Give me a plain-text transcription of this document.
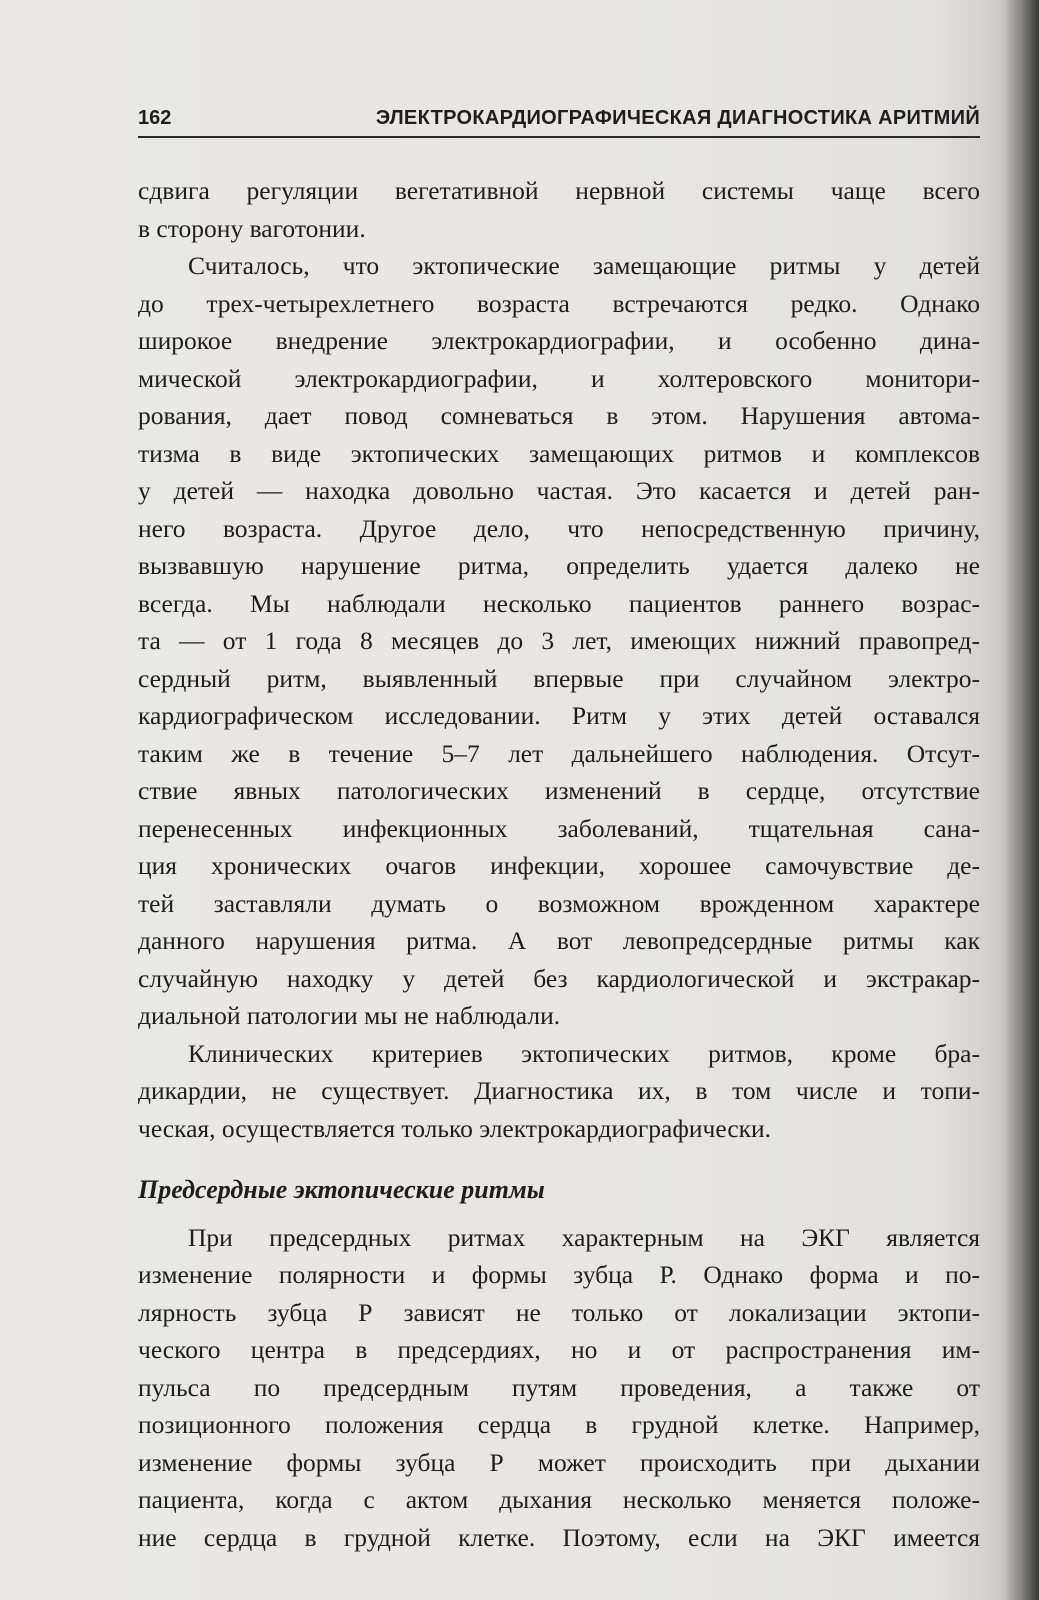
162	ЭЛЕКТРОКАРДИОГРАФИЧЕСКАЯ ДИАГНОСТИКА АРИТМИЙ
сдвига регуляции вегетативной нервной системы чаще всего
в сторону ваготонии.
Считалось, что эктопические замещающие ритмы у детей
до трех-четырехлетнего возраста встречаются редко. Однако
широкое внедрение электрокардиографии, и особенно дина-
мической электрокардиографии, и холтеровского монитори-
рования, дает повод сомневаться в этом. Нарушения автома-
тизма в виде эктопических замещающих ритмов и комплексов
у детей — находка довольно частая. Это касается и детей ран-
него возраста. Другое дело, что непосредственную причину,
вызвавшую нарушение ритма, определить удается далеко не
всегда. Мы наблюдали несколько пациентов раннего возрас-
та — от 1 года 8 месяцев до 3 лет, имеющих нижний правопред-
сердный ритм, выявленный впервые при случайном электро-
кардиографическом исследовании. Ритм у этих детей оставался
таким же в течение 5–7 лет дальнейшего наблюдения. Отсут-
ствие явных патологических изменений в сердце, отсутствие
перенесенных инфекционных заболеваний, тщательная сана-
ция хронических очагов инфекции, хорошее самочувствие де-
тей заставляли думать о возможном врожденном характере
данного нарушения ритма. А вот левопредсердные ритмы как
случайную находку у детей без кардиологической и экстракар-
диальной патологии мы не наблюдали.
Клинических критериев эктопических ритмов, кроме бра-
дикардии, не существует. Диагностика их, в том числе и топи-
ческая, осуществляется только электрокардиографически.
Предсердные эктопические ритмы
При предсердных ритмах характерным на ЭКГ является
изменение полярности и формы зубца Р. Однако форма и по-
лярность зубца Р зависят не только от локализации эктопи-
ческого центра в предсердиях, но и от распространения им-
пульса по предсердным путям проведения, а также от
позиционного положения сердца в грудной клетке. Например,
изменение формы зубца Р может происходить при дыхании
пациента, когда с актом дыхания несколько меняется положе-
ние сердца в грудной клетке. Поэтому, если на ЭКГ имеется
